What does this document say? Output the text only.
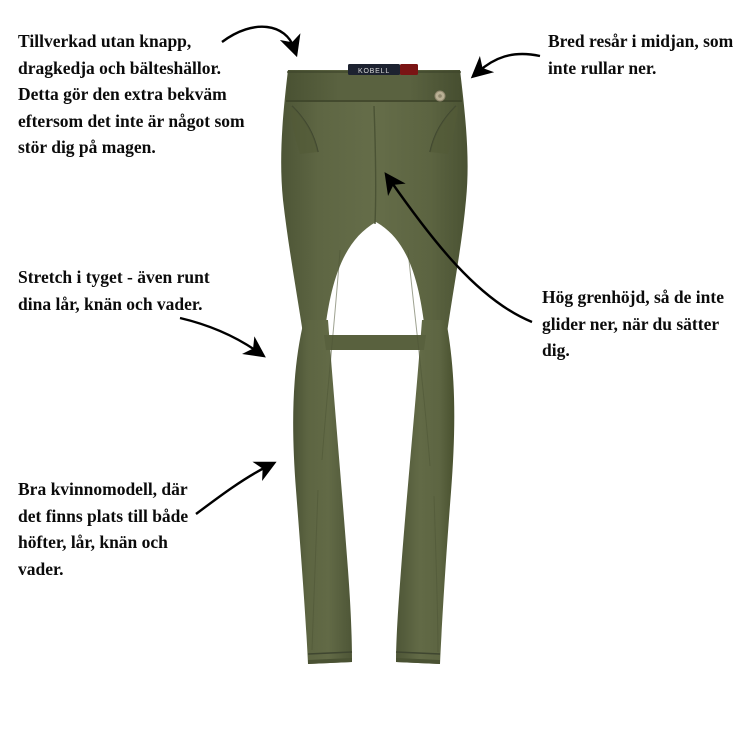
KOBELL
Tillverkad utan knapp, dragkedja och bälteshällor. Detta gör den extra bekväm eftersom det inte är något som stör dig på magen.
Stretch i tyget - även runt dina lår, knän och vader.
Bra kvinnomodell, där det finns plats till både höfter, lår, knän och vader.
Bred resår i midjan, som inte rullar ner.
Hög grenhöjd, så de inte glider ner, när du sätter dig.
